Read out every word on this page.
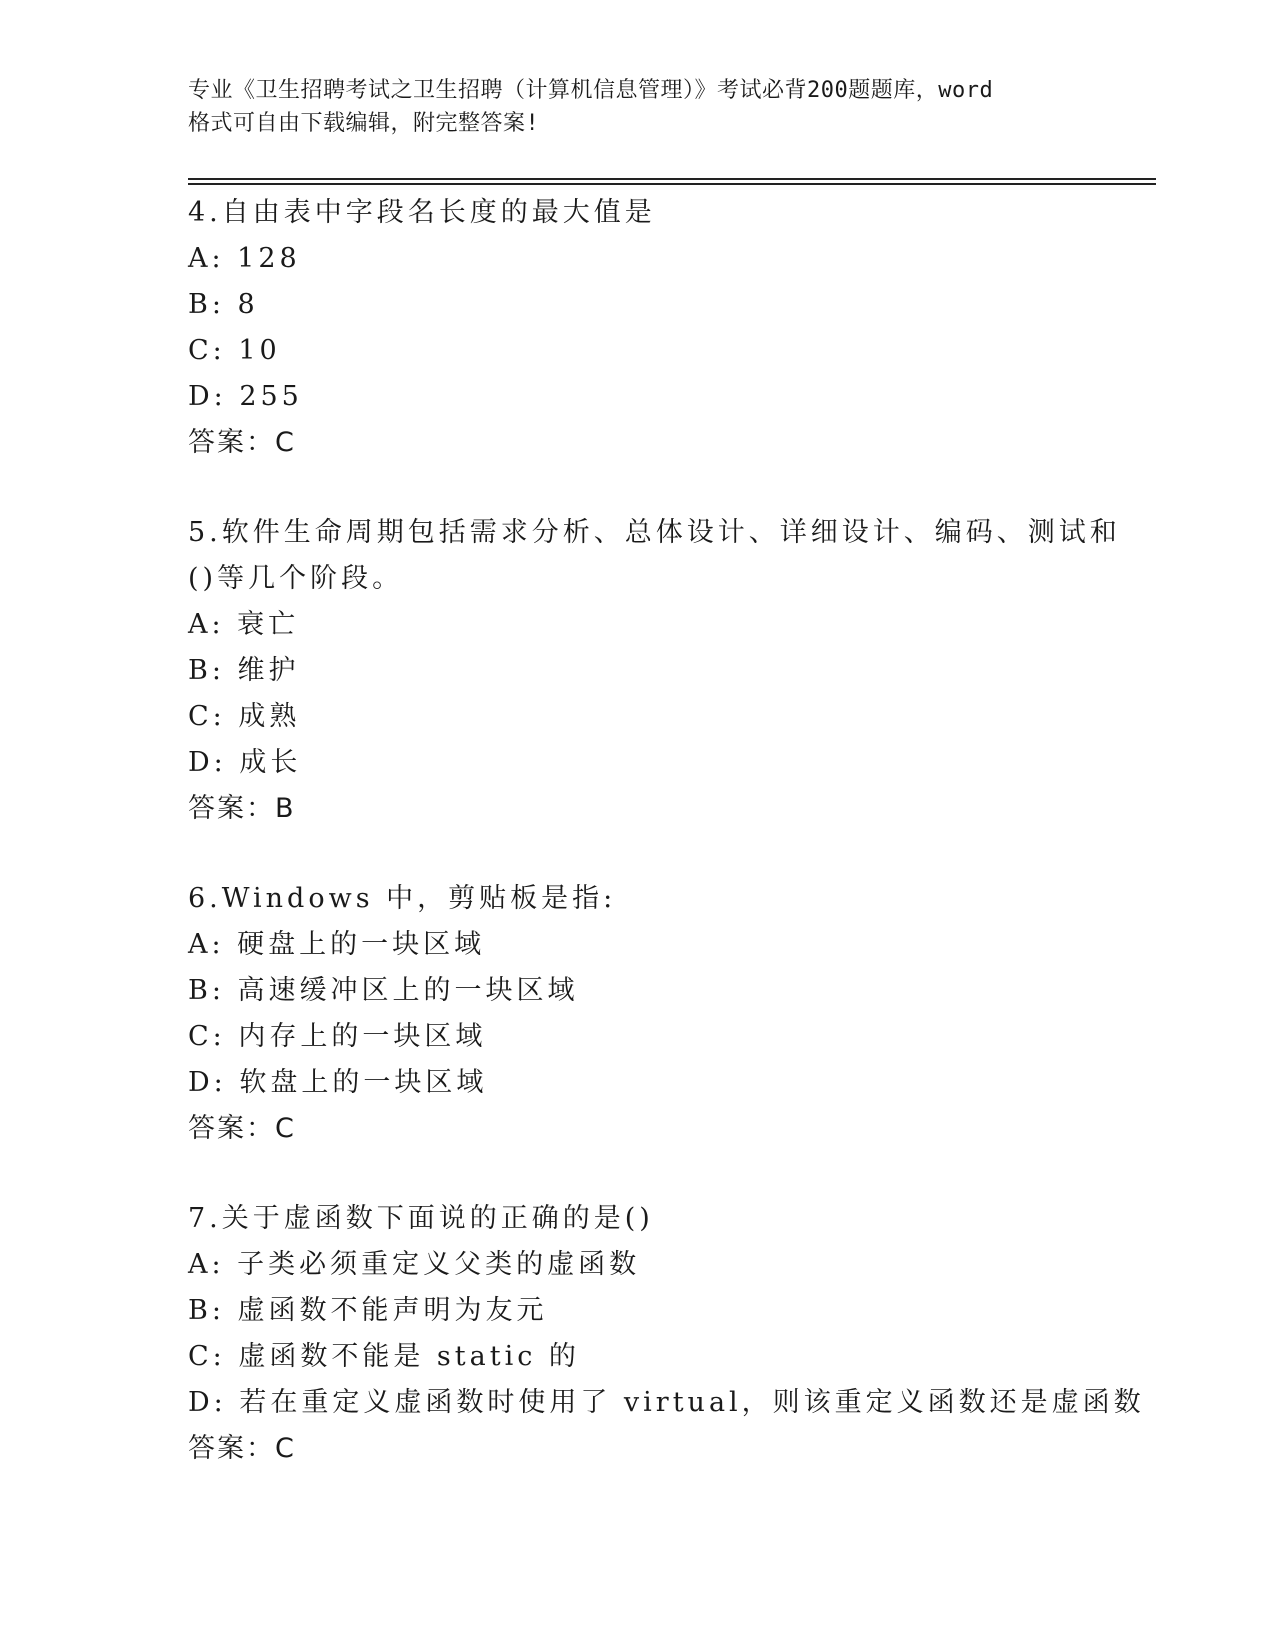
专业《卫生招聘考试之卫生招聘（计算机信息管理）》考试必背200题题库，word
格式可自由下载编辑，附完整答案!
4.自由表中字段名长度的最大值是
A: 128
B: 8
C: 10
D: 255
答案：C
5.软件生命周期包括需求分析、总体设计、详细设计、编码、测试和
()等几个阶段。
A: 衰亡
B: 维护
C: 成熟
D: 成长
答案：B
6.Windows 中，剪贴板是指:
A: 硬盘上的一块区域
B: 高速缓冲区上的一块区域
C: 内存上的一块区域
D: 软盘上的一块区域
答案：C
7.关于虚函数下面说的正确的是()
A: 子类必须重定义父类的虚函数
B: 虚函数不能声明为友元
C: 虚函数不能是 static 的
D: 若在重定义虚函数时使用了 virtual，则该重定义函数还是虚函数
答案：C
